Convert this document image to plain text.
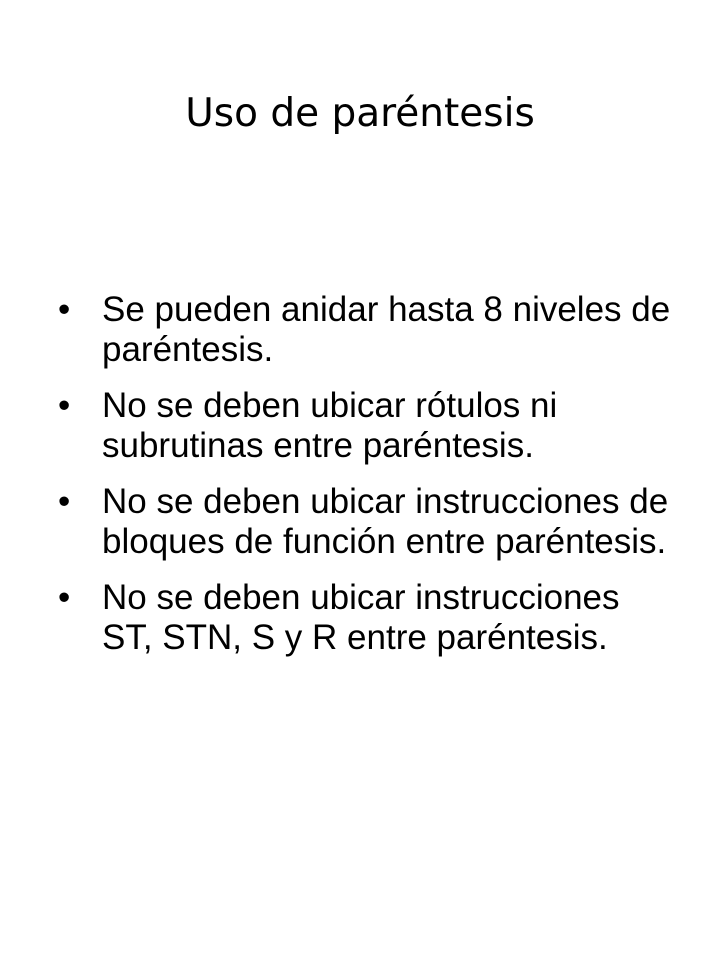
Uso de paréntesis
• Se pueden anidar hasta 8 niveles de paréntesis.
• No se deben ubicar rótulos ni subrutinas entre paréntesis.
• No se deben ubicar instrucciones de bloques de función entre paréntesis.
• No se deben ubicar instrucciones ST, STN, S y R entre paréntesis.
